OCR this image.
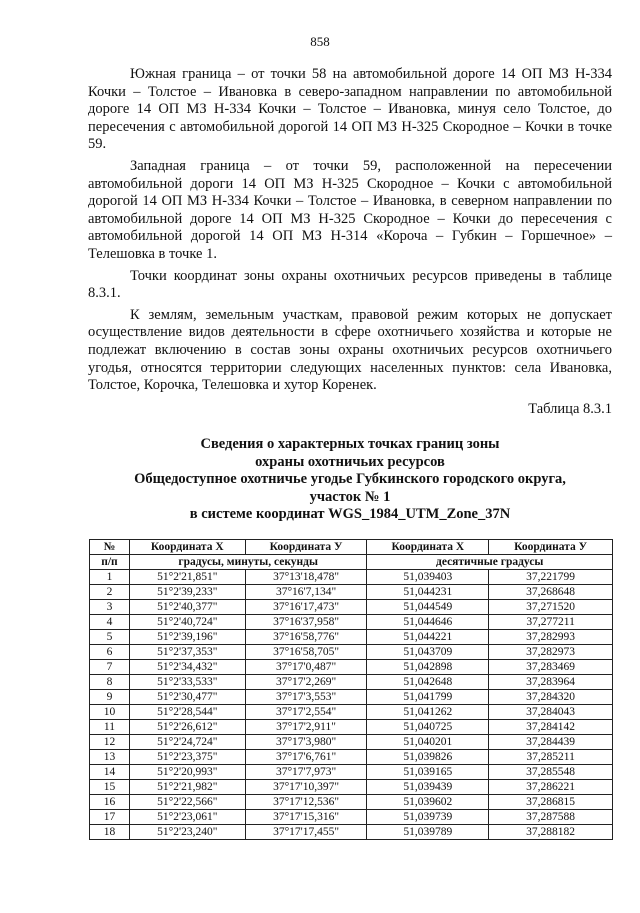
858

Южная граница – от точки 58 на автомобильной дороге 14 ОП МЗ Н-334 Кочки – Толстое – Ивановка в северо-западном направлении по автомобильной дороге 14 ОП МЗ Н-334 Кочки – Толстое – Ивановка, минуя село Толстое, до пересечения с автомобильной дорогой 14 ОП МЗ Н-325 Скородное – Кочки в точке 59.

Западная граница – от точки 59, расположенной на пересечении автомобильной дороги 14 ОП МЗ Н-325 Скородное – Кочки с автомобильной дорогой 14 ОП МЗ Н-334 Кочки – Толстое – Ивановка, в северном направлении по автомобильной дороге 14 ОП МЗ Н-325 Скородное – Кочки до пересечения с автомобильной дорогой 14 ОП МЗ Н-314 «Короча – Губкин – Горшечное» – Телешовка в точке 1.

Точки координат зоны охраны охотничьих ресурсов приведены в таблице 8.3.1.

К землям, земельным участкам, правовой режим которых не допускает осуществление видов деятельности в сфере охотничьего хозяйства и которые не подлежат включению в состав зоны охраны охотничьих ресурсов охотничьего угодья, относятся территории следующих населенных пунктов: села Ивановка, Толстое, Корочка, Телешовка и хутор Коренек.

Таблица 8.3.1
Сведения о характерных точках границ зоны
охраны охотничьих ресурсов
Общедоступное охотничье угодье Губкинского городского округа,
участок № 1
в системе координат WGS_1984_UTM_Zone_37N
№	Координата X	Координата У	Координата X	Координата У
п/п	градусы, минуты, секунды		десятичные градусы	
1	51°2'21,851"	37°13'18,478"	51,039403	37,221799
2	51°2'39,233"	37°16'7,134"	51,044231	37,268648
3	51°2'40,377"	37°16'17,473"	51,044549	37,271520
4	51°2'40,724"	37°16'37,958"	51,044646	37,277211
5	51°2'39,196"	37°16'58,776"	51,044221	37,282993
6	51°2'37,353"	37°16'58,705"	51,043709	37,282973
7	51°2'34,432"	37°17'0,487"	51,042898	37,283469
8	51°2'33,533"	37°17'2,269"	51,042648	37,283964
9	51°2'30,477"	37°17'3,553"	51,041799	37,284320
10	51°2'28,544"	37°17'2,554"	51,041262	37,284043
11	51°2'26,612"	37°17'2,911"	51,040725	37,284142
12	51°2'24,724"	37°17'3,980"	51,040201	37,284439
13	51°2'23,375"	37°17'6,761"	51,039826	37,285211
14	51°2'20,993"	37°17'7,973"	51,039165	37,285548
15	51°2'21,982"	37°17'10,397"	51,039439	37,286221
16	51°2'22,566"	37°17'12,536"	51,039602	37,286815
17	51°2'23,061"	37°17'15,316"	51,039739	37,287588
18	51°2'23,240"	37°17'17,455"	51,039789	37,288182
